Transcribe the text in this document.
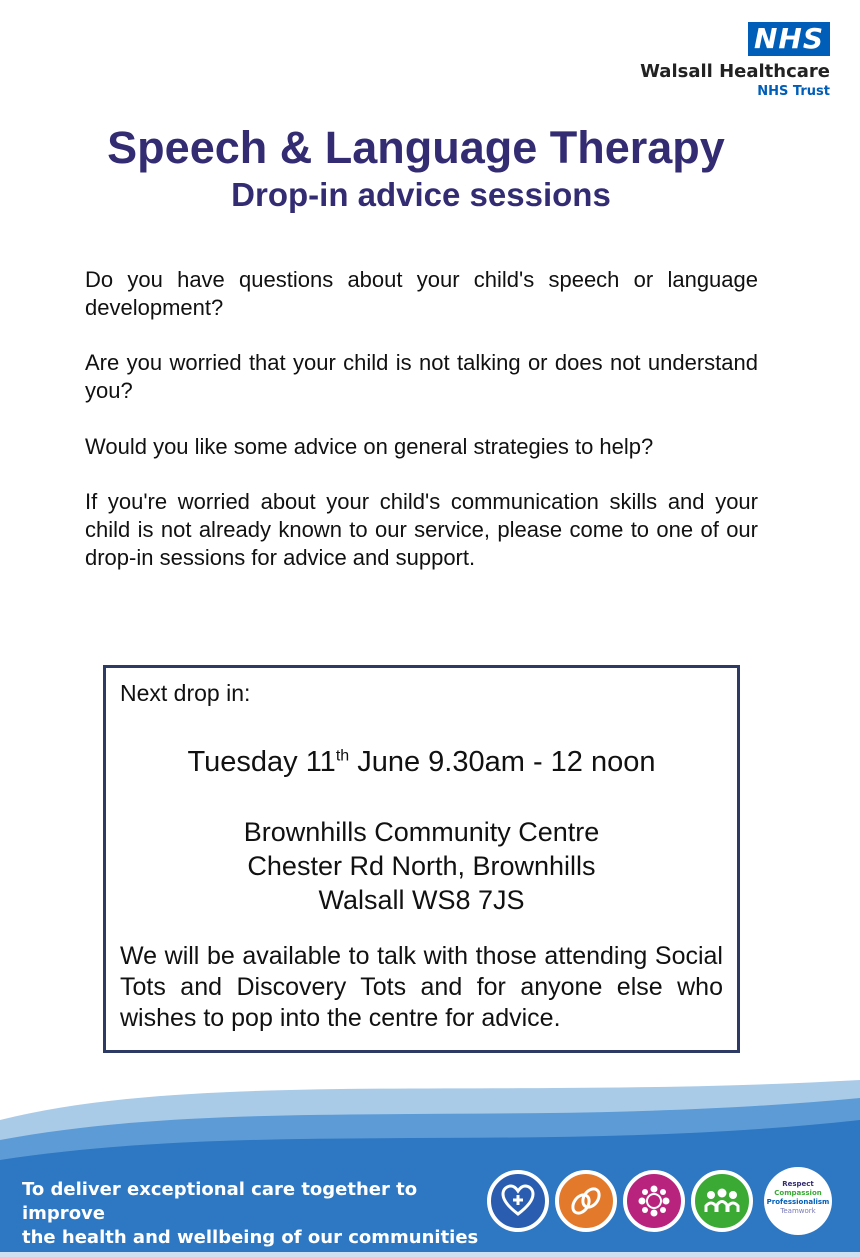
NHS
Walsall Healthcare
NHS Trust
Speech & Language Therapy
Drop-in advice sessions

Do you have questions about your child's speech or language development?

Are you worried that your child is not talking or does not understand you?

Would you like some advice on general strategies to help?

If you're worried about your child's communication skills and your child is not already known to our service, please come to one of our drop-in sessions for advice and support.

Next drop in:
Tuesday 11th June 9.30am - 12 noon
Brownhills Community Centre
Chester Rd North, Brownhills
Walsall WS8 7JS

We will be available to talk with those attending Social Tots and Discovery Tots and for anyone else who wishes to pop into the centre for advice.

To deliver exceptional care together to improve
the health and wellbeing of our communities
Respect
Compassion
Professionalism
Teamwork
